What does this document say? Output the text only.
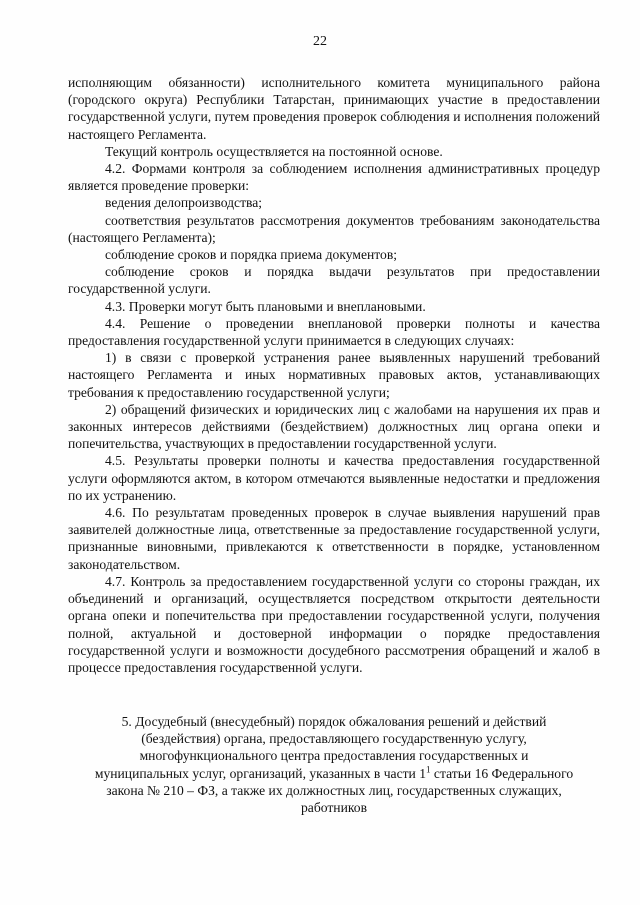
22

исполняющим обязанности) исполнительного комитета муниципального района (городского округа) Республики Татарстан, принимающих участие в предоставлении государственной услуги, путем проведения проверок соблюдения и исполнения положений настоящего Регламента.

Текущий контроль осуществляется на постоянной основе.

4.2. Формами контроля за соблюдением исполнения административных процедур является проведение проверки:

ведения делопроизводства;

соответствия результатов рассмотрения документов требованиям законодательства (настоящего Регламента);

соблюдение сроков и порядка приема документов;

соблюдение сроков и порядка выдачи результатов при предоставлении государственной услуги.

4.3. Проверки могут быть плановыми и внеплановыми.

4.4. Решение о проведении внеплановой проверки полноты и качества предоставления государственной услуги принимается в следующих случаях:

1) в связи с проверкой устранения ранее выявленных нарушений требований настоящего Регламента и иных нормативных правовых актов, устанавливающих требования к предоставлению государственной услуги;

2) обращений физических и юридических лиц с жалобами на нарушения их прав и законных интересов действиями (бездействием) должностных лиц органа опеки и попечительства, участвующих в предоставлении государственной услуги.

4.5. Результаты проверки полноты и качества предоставления государственной услуги оформляются актом, в котором отмечаются выявленные недостатки и предложения по их устранению.

4.6. По результатам проведенных проверок в случае выявления нарушений прав заявителей должностные лица, ответственные за предоставление государственной услуги, признанные виновными, привлекаются к ответственности в порядке, установленном законодательством.

4.7. Контроль за предоставлением государственной услуги со стороны граждан, их объединений и организаций, осуществляется посредством открытости деятельности органа опеки и попечительства при предоставлении государственной услуги, получения полной, актуальной и достоверной информации о порядке предоставления государственной услуги и возможности досудебного рассмотрения обращений и жалоб в процессе предоставления государственной услуги.

5. Досудебный (внесудебный) порядок обжалования решений и действий
(бездействия) органа, предоставляющего государственную услугу,
многофункционального центра предоставления государственных и
муниципальных услуг, организаций, указанных в части $1^1$ статьи 16 Федерального
закона № 210 – ФЗ, а также их должностных лиц, государственных служащих,
работников
